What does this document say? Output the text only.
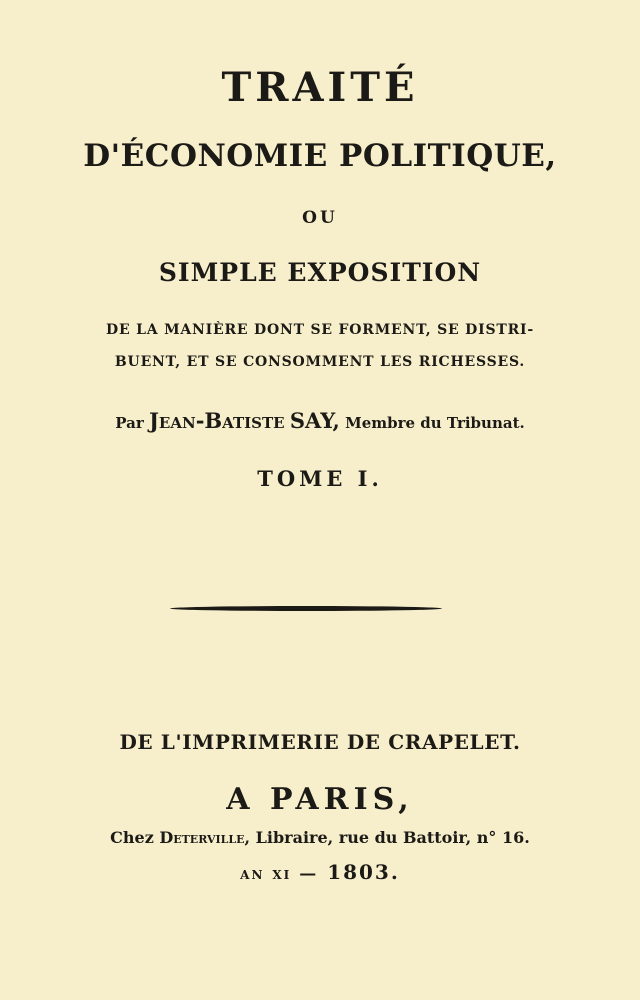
TRAITÉ
D'ÉCONOMIE POLITIQUE,
OU
SIMPLE EXPOSITION
DE LA MANIÈRE DONT SE FORMENT, SE DISTRI-
BUENT, ET SE CONSOMMENT LES RICHESSES.
Par Jean-Batiste SAY, Membre du Tribunat.
TOME I.
DE L'IMPRIMERIE DE CRAPELET.
A PARIS,
Chez Deterville, Libraire, rue du Battoir, n° 16.
an xi — 1803.
